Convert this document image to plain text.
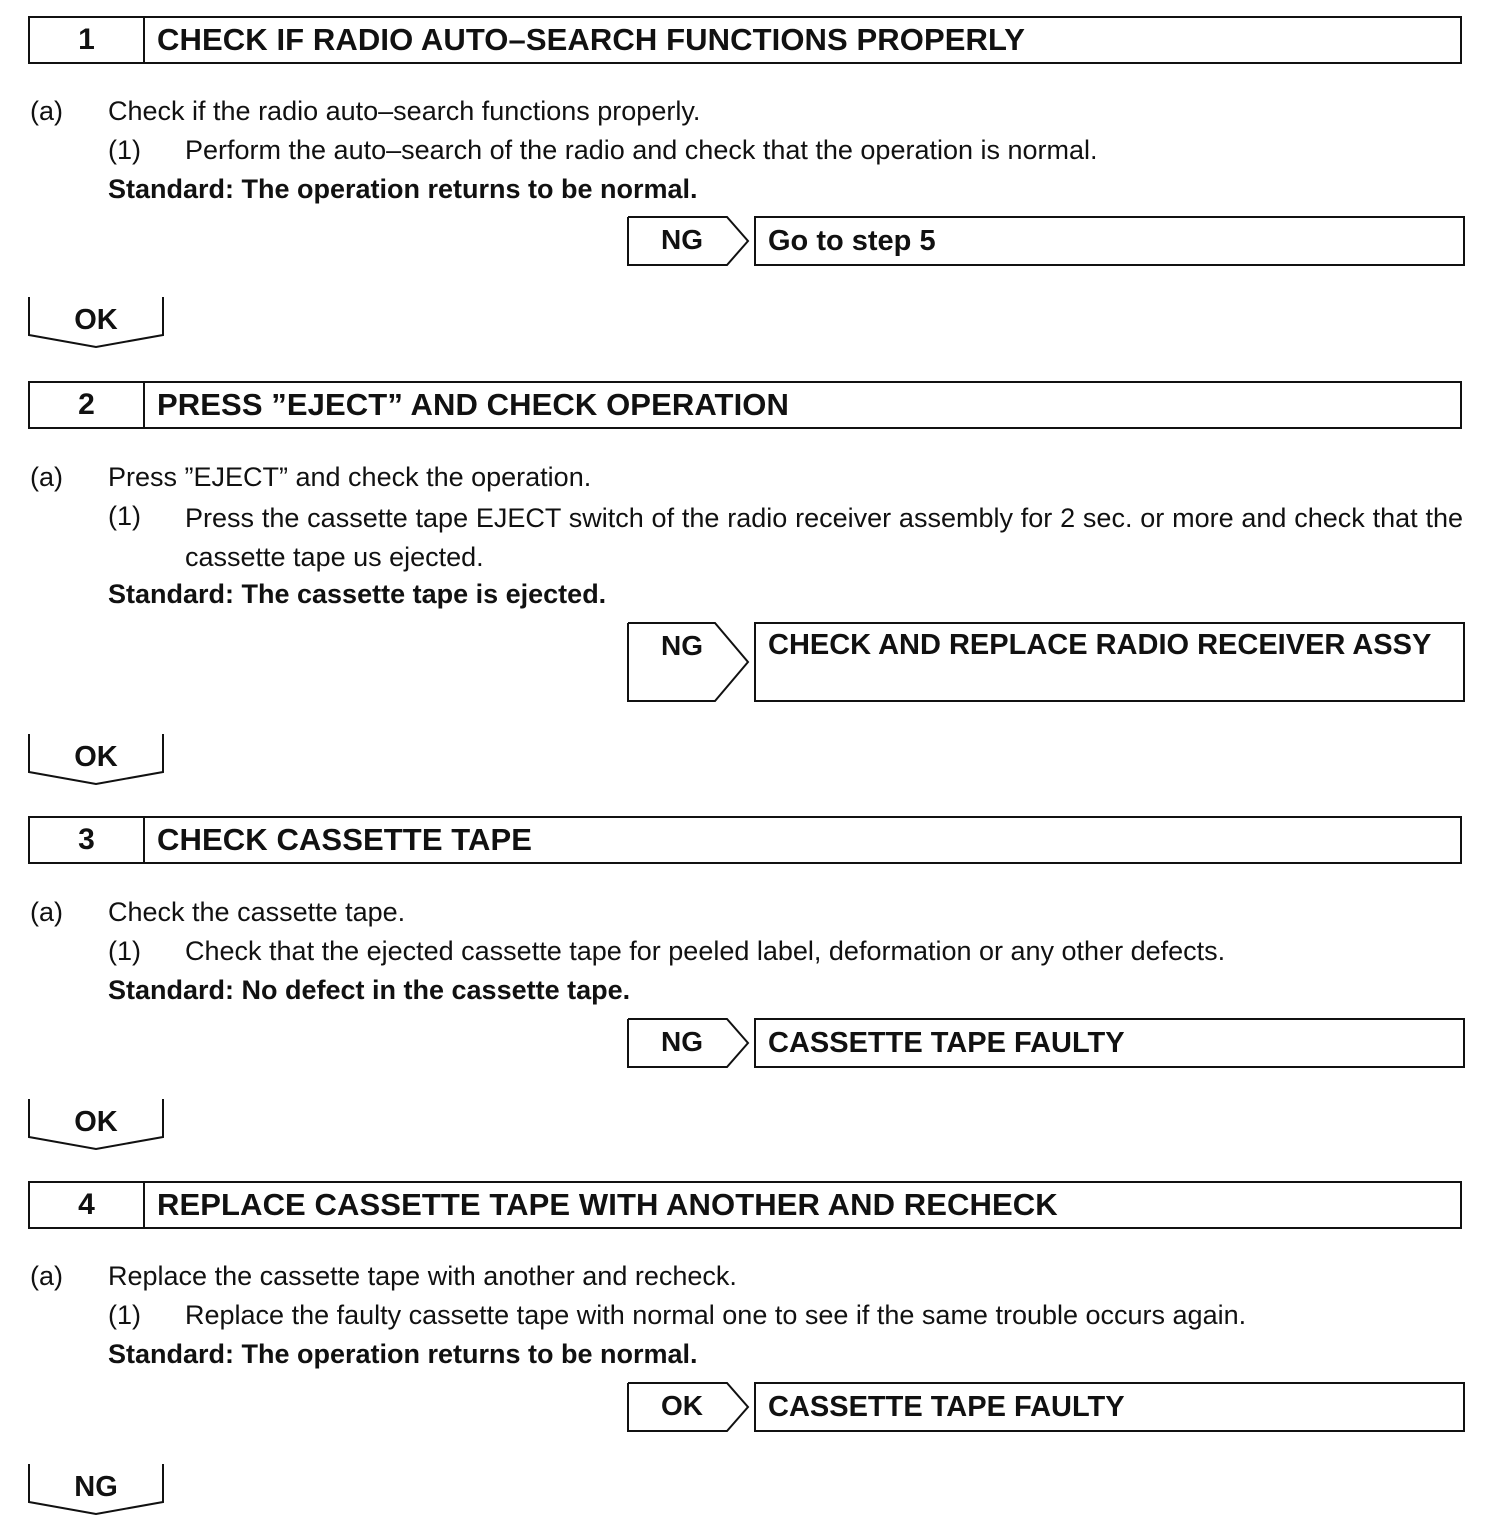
1	CHECK IF RADIO AUTO–SEARCH FUNCTIONS PROPERLY
(a) Check if the radio auto–search functions properly.
(1) Perform the auto–search of the radio and check that the operation is normal.
Standard: The operation returns to be normal.
NG	Go to step 5
OK
2	PRESS ”EJECT” AND CHECK OPERATION
(a) Press ”EJECT” and check the operation.
(1) Press the cassette tape EJECT switch of the radio receiver assembly for 2 sec. or more and check that the cassette tape us ejected.
Standard: The cassette tape is ejected.
NG	CHECK AND REPLACE RADIO RECEIVER ASSY
OK
3	CHECK CASSETTE TAPE
(a) Check the cassette tape.
(1) Check that the ejected cassette tape for peeled label, deformation or any other defects.
Standard: No defect in the cassette tape.
NG	CASSETTE TAPE FAULTY
OK
4	REPLACE CASSETTE TAPE WITH ANOTHER AND RECHECK
(a) Replace the cassette tape with another and recheck.
(1) Replace the faulty cassette tape with normal one to see if the same trouble occurs again.
Standard: The operation returns to be normal.
OK	CASSETTE TAPE FAULTY
NG
